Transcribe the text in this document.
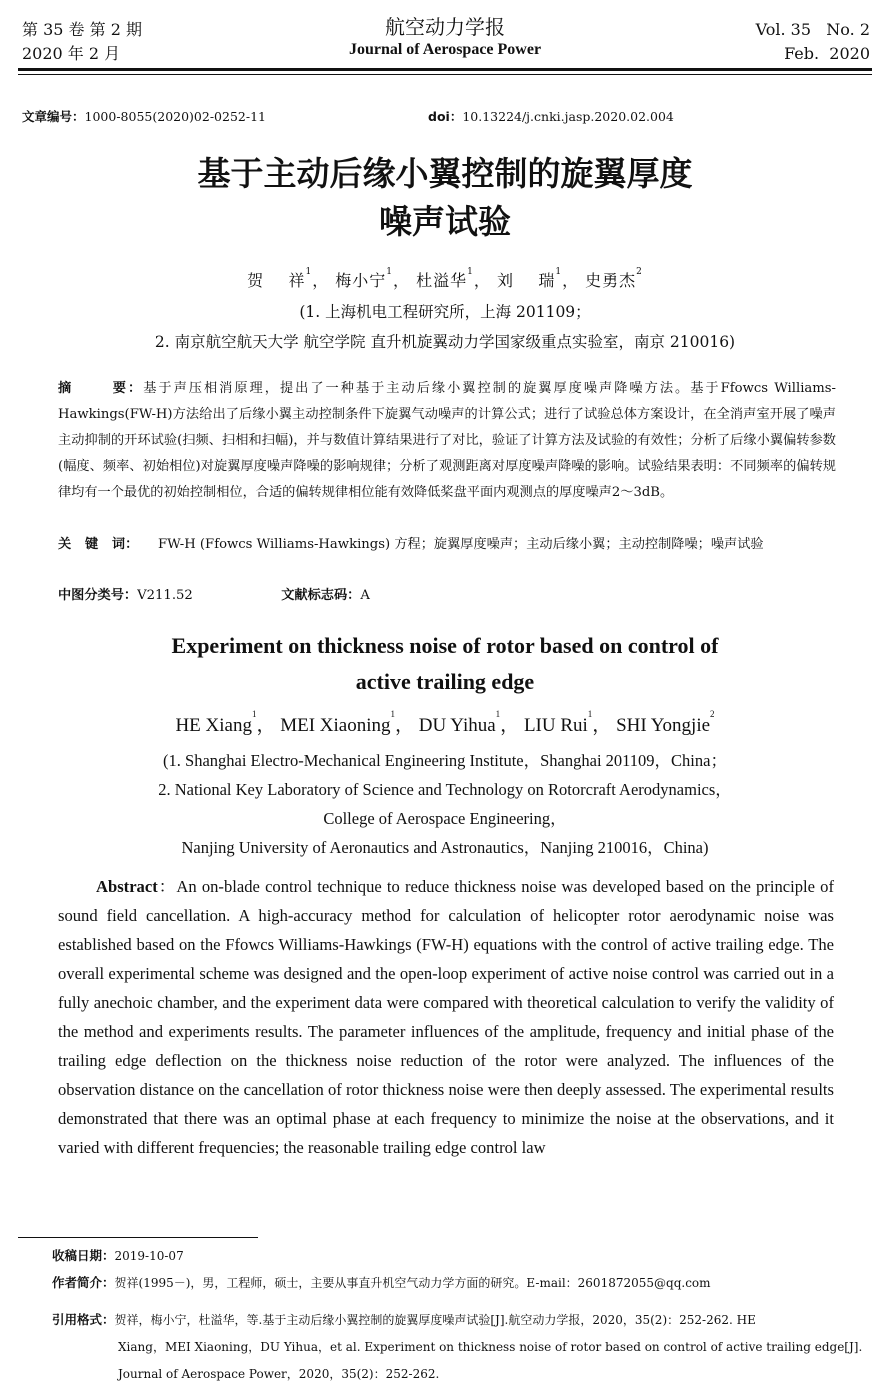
第 35 卷 第 2 期
2020 年 2 月
航空动力学报
Journal of Aerospace Power
Vol. 35   No. 2
Feb.  2020
文章编号：1000-8055(2020)02-0252-11	doi：10.13224/j.cnki.jasp.2020.02.004
基于主动后缘小翼控制的旋翼厚度
噪声试验
贺    祥$^1$， 梅小宁$^1$， 杜溢华$^1$， 刘    瑞$^1$， 史勇杰$^2$
(1. 上海机电工程研究所，上海 201109；
2. 南京航空航天大学 航空学院 直升机旋翼动力学国家级重点实验室，南京 210016)
摘      要：基于声压相消原理，提出了一种基于主动后缘小翼控制的旋翼厚度噪声降噪方法。基于Ffowcs Williams-Hawkings(FW-H)方法给出了后缘小翼主动控制条件下旋翼气动噪声的计算公式；进行了试验总体方案设计，在全消声室开展了噪声主动抑制的开环试验(扫频、扫相和扫幅)，并与数值计算结果进行了对比，验证了计算方法及试验的有效性；分析了后缘小翼偏转参数(幅度、频率、初始相位)对旋翼厚度噪声降噪的影响规律；分析了观测距离对厚度噪声降噪的影响。试验结果表明：不同频率的偏转规律均有一个最优的初始控制相位，合适的偏转规律相位能有效降低桨盘平面内观测点的厚度噪声2～3dB。
关   键   词：	FW-H (Ffowcs Williams-Hawkings) 方程；旋翼厚度噪声；主动后缘小翼；主动控制降噪；噪声试验
中图分类号：V211.52	文献标志码：A
Experiment on thickness noise of rotor based on control of
active trailing edge
HE Xiang$^1$， MEI Xiaoning$^1$， DU Yihua$^1$， LIU Rui$^1$， SHI Yongjie$^2$
(1. Shanghai Electro-Mechanical Engineering Institute，Shanghai 201109，China；
2. National Key Laboratory of Science and Technology on Rotorcraft Aerodynamics，
College of Aerospace Engineering，
Nanjing University of Aeronautics and Astronautics，Nanjing 210016，China)
Abstract：An on-blade control technique to reduce thickness noise was developed based on the principle of sound field cancellation. A high-accuracy method for calculation of helicopter rotor aerodynamic noise was established based on the Ffowcs Williams-Hawkings (FW-H) equations with the control of active trailing edge. The overall experimental scheme was designed and the open-loop experiment of active noise control was carried out in a fully anechoic chamber, and the experiment data were compared with theoretical calculation to verify the validity of the method and experiments results. The parameter influences of the amplitude, frequency and initial phase of the trailing edge deflection on the thickness noise reduction of the rotor were analyzed. The influences of the observation distance on the cancellation of rotor thickness noise were then deeply assessed. The experimental results demonstrated that there was an optimal phase at each frequency to minimize the noise at the observations, and it varied with different frequencies; the reasonable trailing edge control law
收稿日期：2019-10-07
作者简介：贺祥(1995－)，男，工程师，硕士，主要从事直升机空气动力学方面的研究。E-mail：2601872055@qq.com
引用格式：贺祥，梅小宁，杜溢华，等.基于主动后缘小翼控制的旋翼厚度噪声试验[J].航空动力学报，2020，35(2)：252-262. HE
Xiang，MEI Xiaoning，DU Yihua，et al. Experiment on thickness noise of rotor based on control of active trailing edge[J].
Journal of Aerospace Power，2020，35(2)：252-262.
